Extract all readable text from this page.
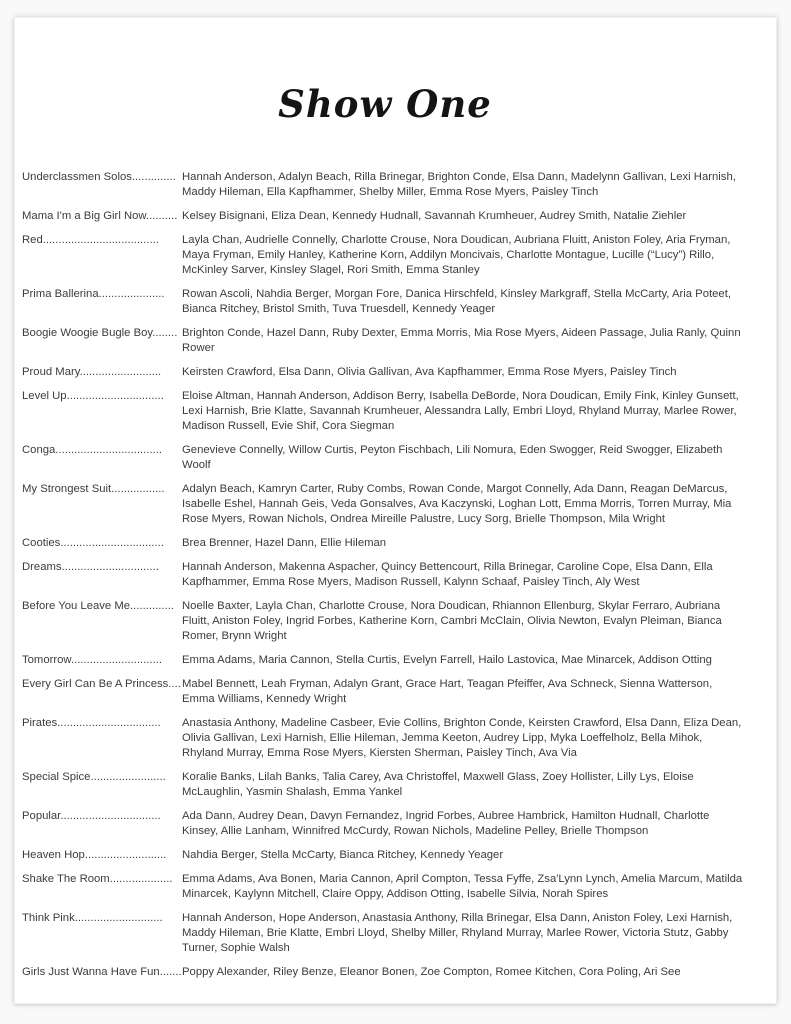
Show One
Underclassmen Solos.............. Hannah Anderson, Adalyn Beach, Rilla Brinegar, Brighton Conde, Elsa Dann, Madelynn Gallivan, Lexi Harnish, Maddy Hileman, Ella Kapfhammer, Shelby Miller, Emma Rose Myers, Paisley Tinch
Mama I'm a Big Girl Now.......... Kelsey Bisignani, Eliza Dean, Kennedy Hudnall, Savannah Krumheuer, Audrey Smith, Natalie Ziehler
Red.....................................	Layla Chan, Audrielle Connelly, Charlotte Crouse, Nora Doudican, Aubriana Fluitt, Aniston Foley, Aria Fryman, Maya Fryman, Emily Hanley, Katherine Korn, Addilyn Moncivais, Charlotte Montague, Lucille (“Lucy”) Rillo, McKinley Sarver, Kinsley Slagel, Rori Smith, Emma Stanley
Prima Ballerina.....................	Rowan Ascoli, Nahdia Berger, Morgan Fore, Danica Hirschfeld, Kinsley Markgraff, Stella McCarty, Aria Poteet, Bianca Ritchey, Bristol Smith, Tuva Truesdell, Kennedy Yeager
Boogie Woogie Bugle Boy........ Brighton Conde, Hazel Dann, Ruby Dexter, Emma Morris, Mia Rose Myers, Aideen Passage, Julia Ranly, Quinn Rower
Proud Mary..........................	Keirsten Crawford, Elsa Dann, Olivia Gallivan, Ava Kapfhammer, Emma Rose Myers, Paisley Tinch
Level Up...............................	Eloise Altman, Hannah Anderson, Addison Berry, Isabella DeBorde, Nora Doudican, Emily Fink, Kinley Gunsett, Lexi Harnish, Brie Klatte, Savannah Krumheuer, Alessandra Lally, Embri Lloyd, Rhyland Murray, Marlee Rower, Madison Russell, Evie Shif, Cora Siegman
Conga..................................	Genevieve Connelly, Willow Curtis, Peyton Fischbach, Lili Nomura, Eden Swogger, Reid Swogger, Elizabeth Woolf
My Strongest Suit.................	Adalyn Beach, Kamryn Carter, Ruby Combs, Rowan Conde, Margot Connelly, Ada Dann, Reagan DeMarcus, Isabelle Eshel, Hannah Geis, Veda Gonsalves, Ava Kaczynski, Loghan Lott, Emma Morris, Torren Murray, Mia Rose Myers, Rowan Nichols, Ondrea Mireille Palustre, Lucy Sorg, Brielle Thompson, Mila Wright
Cooties.................................	Brea Brenner, Hazel Dann, Ellie Hileman
Dreams...............................	Hannah Anderson, Makenna Aspacher, Quincy Bettencourt, Rilla Brinegar, Caroline Cope, Elsa Dann, Ella Kapfhammer, Emma Rose Myers, Madison Russell, Kalynn Schaaf, Paisley Tinch, Aly West
Before You Leave Me.............. Noelle Baxter, Layla Chan, Charlotte Crouse, Nora Doudican, Rhiannon Ellenburg, Skylar Ferraro, Aubriana Fluitt, Aniston Foley, Ingrid Forbes, Katherine Korn, Cambri McClain, Olivia Newton, Evalyn Pleiman, Bianca Romer, Brynn Wright
Tomorrow.............................	Emma Adams, Maria Cannon, Stella Curtis, Evelyn Farrell, Hailo Lastovica, Mae Minarcek, Addison Otting
Every Girl Can Be A Princess.... Mabel Bennett, Leah Fryman, Adalyn Grant, Grace Hart, Teagan Pfeiffer, Ava Schneck, Sienna Watterson, Emma Williams, Kennedy Wright
Pirates.................................	Anastasia Anthony, Madeline Casbeer, Evie Collins, Brighton Conde, Keirsten Crawford, Elsa Dann, Eliza Dean, Olivia Gallivan, Lexi Harnish, Ellie Hileman, Jemma Keeton, Audrey Lipp, Myka Loeffelholz, Bella Mihok, Rhyland Murray, Emma Rose Myers, Kiersten Sherman, Paisley Tinch, Ava Via
Special Spice........................	Koralie Banks, Lilah Banks, Talia Carey, Ava Christoffel, Maxwell Glass, Zoey Hollister, Lilly Lys, Eloise McLaughlin, Yasmin Shalash, Emma Yankel
Popular................................	Ada Dann, Audrey Dean, Davyn Fernandez, Ingrid Forbes, Aubree Hambrick, Hamilton Hudnall, Charlotte Kinsey, Allie Lanham, Winnifred McCurdy, Rowan Nichols, Madeline Pelley, Brielle Thompson
Heaven Hop..........................	Nahdia Berger, Stella McCarty, Bianca Ritchey, Kennedy Yeager
Shake The Room.................... Emma Adams, Ava Bonen, Maria Cannon, April Compton, Tessa Fyffe, Zsa'Lynn Lynch, Amelia Marcum, Matilda Minarcek, Kaylynn Mitchell, Claire Oppy, Addison Otting, Isabelle Silvia, Norah Spires
Think Pink............................	Hannah Anderson, Hope Anderson, Anastasia Anthony, Rilla Brinegar, Elsa Dann, Aniston Foley, Lexi Harnish, Maddy Hileman, Brie Klatte, Embri Lloyd, Shelby Miller, Rhyland Murray, Marlee Rower, Victoria Stutz, Gabby Turner, Sophie Walsh
Girls Just Wanna Have Fun....... Poppy Alexander, Riley Benze, Eleanor Bonen, Zoe Compton, Romee Kitchen, Cora Poling, Ari See
